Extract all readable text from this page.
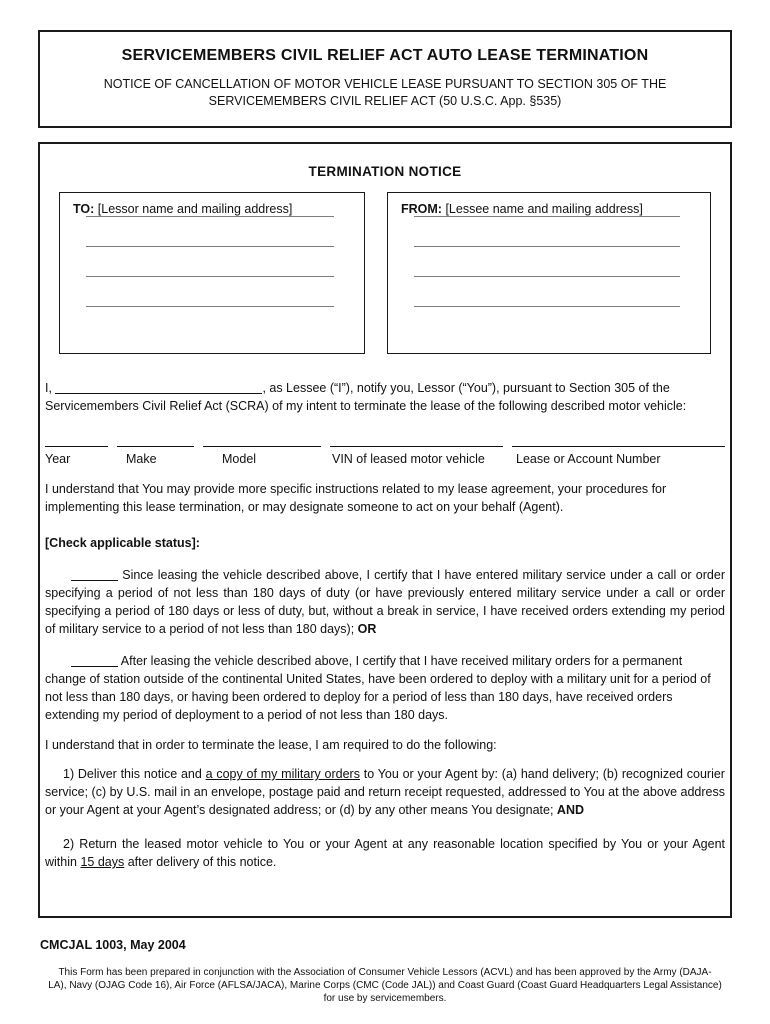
SERVICEMEMBERS CIVIL RELIEF ACT AUTO LEASE TERMINATION
NOTICE OF CANCELLATION OF MOTOR VEHICLE LEASE PURSUANT TO SECTION 305 OF THE
SERVICEMEMBERS CIVIL RELIEF ACT (50 U.S.C. App. §535)
TERMINATION NOTICE
TO: [Lessor name and mailing address]	FROM: [Lessee name and mailing address]

I,	, as Lessee (“I”), notify you, Lessor (“You”), pursuant to Section 305 of the Servicemembers Civil Relief Act (SCRA) of my intent to terminate the lease of the following described motor vehicle:

Year	Make	Model	VIN of leased motor vehicle	Lease or Account Number

I understand that You may provide more specific instructions related to my lease agreement, your procedures for implementing this lease termination, or may designate someone to act on your behalf (Agent).

[Check applicable status]:

Since leasing the vehicle described above, I certify that I have entered military service under a call or order specifying a period of not less than 180 days of duty (or have previously entered military service under a call or order specifying a period of 180 days or less of duty, but, without a break in service, I have received orders extending my period of military service to a period of not less than 180 days); OR

After leasing the vehicle described above, I certify that I have received military orders for a permanent change of station outside of the continental United States, have been ordered to deploy with a military unit for a period of not less than 180 days, or having been ordered to deploy for a period of less than 180 days, have received orders extending my period of deployment to a period of not less than 180 days.

I understand that in order to terminate the lease, I am required to do the following:

1) Deliver this notice and a copy of my military orders to You or your Agent by: (a) hand delivery; (b) recognized courier service; (c) by U.S. mail in an envelope, postage paid and return receipt requested, addressed to You at the above address or your Agent at your Agent’s designated address; or (d) by any other means You designate; AND

2) Return the leased motor vehicle to You or your Agent at any reasonable location specified by You or your Agent within 15 days after delivery of this notice.

CMCJAL 1003, May 2004
This Form has been prepared in conjunction with the Association of Consumer Vehicle Lessors (ACVL) and has been approved by the Army (DAJA-
LA), Navy (OJAG Code 16), Air Force (AFLSA/JACA), Marine Corps (CMC (Code JAL)) and Coast Guard (Coast Guard Headquarters Legal Assistance)
for use by servicemembers.
